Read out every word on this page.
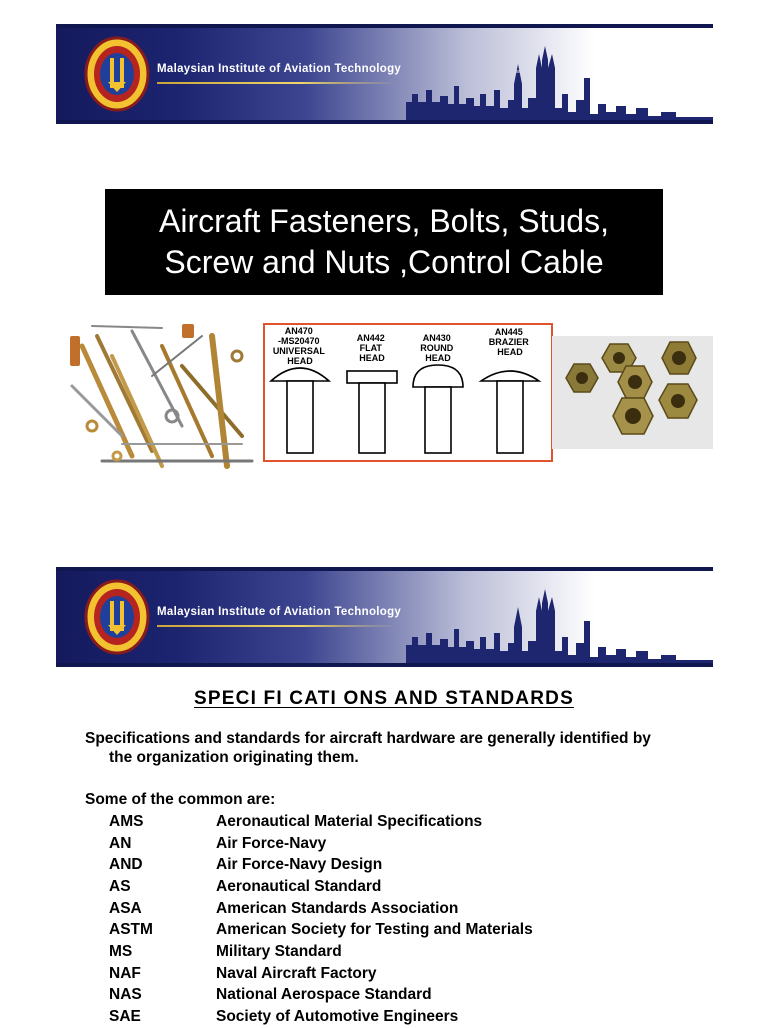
Malaysian Institute of Aviation Technology
Aircraft Fasteners, Bolts, Studs,
Screw and Nuts ,Control Cable
AN470 -MS20470 UNIVERSAL HEAD
AN442 FLAT HEAD
AN430 ROUND HEAD
AN445 BRAZIER HEAD
Malaysian Institute of Aviation Technology
SPECI FI CATI ONS AND STANDARDS
Specifications and standards for aircraft hardware are generally identified by
the organization originating them.
Some of the common are:
AMS	Aeronautical Material Specifications
AN	Air Force-Navy
AND	Air Force-Navy Design
AS	Aeronautical Standard
ASA	American Standards Association
ASTM	American Society for Testing and Materials
MS	Military Standard
NAF	Naval Aircraft Factory
NAS	National Aerospace Standard
SAE	Society of Automotive Engineers
